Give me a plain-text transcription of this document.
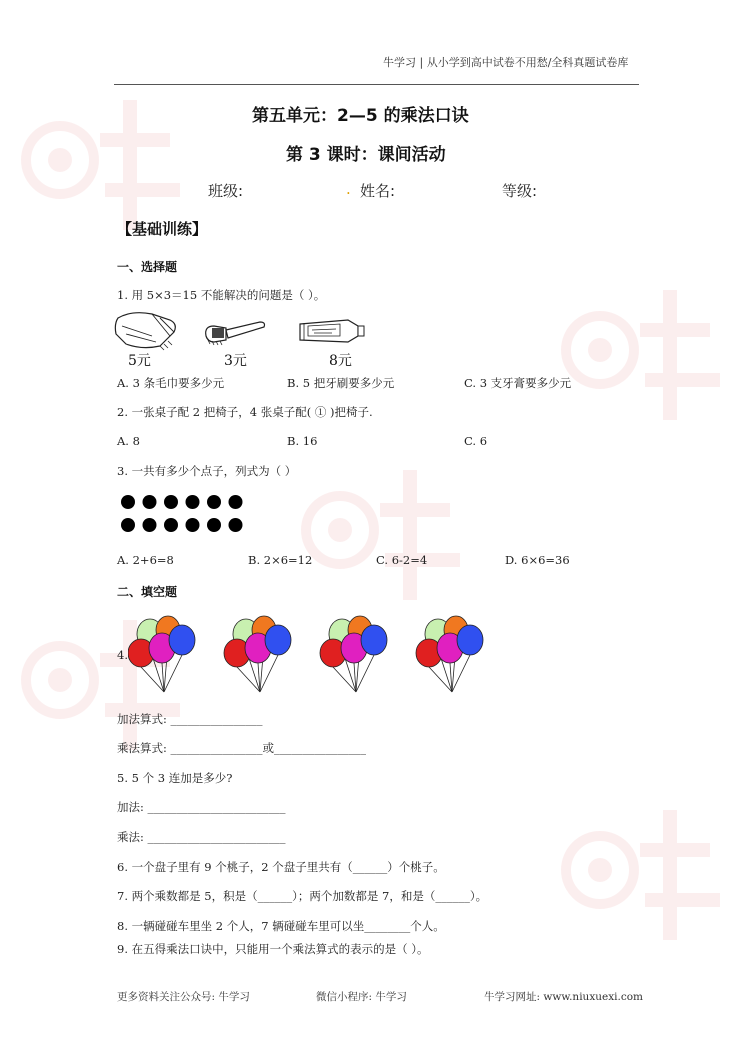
牛学习 | 从小学到高中试卷不用愁/全科真题试卷库
第五单元：2—5 的乘法口诀
第 3 课时：课间活动
班级:	. 姓名:	等级:
【基础训练】
一、选择题
1. 用 5×3＝15 不能解决的问题是（ ）。
5元	3元	8元
A. 3 条毛巾要多少元	B. 5 把牙刷要多少元	C. 3 支牙膏要多少元
2. 一张桌子配 2 把椅子，4 张桌子配( ① )把椅子.
A. 8	B. 16	C. 6
3. 一共有多少个点子，列式为（ ）
A. 2+6=8	B. 2×6=12	C. 6-2=4	D. 6×6=36
二、填空题
4.
加法算式: ________________
乘法算式: ________________或________________
5. 5 个 3 连加是多少?
加法: ________________________
乘法: ________________________
6. 一个盘子里有 9 个桃子，2 个盘子里共有（______）个桃子。
7. 两个乘数都是 5，积是（______）；两个加数都是 7，和是（______）。
8. 一辆碰碰车里坐 2 个人，7 辆碰碰车里可以坐________个人。
9. 在五得乘法口诀中，只能用一个乘法算式的表示的是（ ）。
更多资料关注公众号: 牛学习	微信小程序: 牛学习	牛学习网址: www.niuxuexi.com
